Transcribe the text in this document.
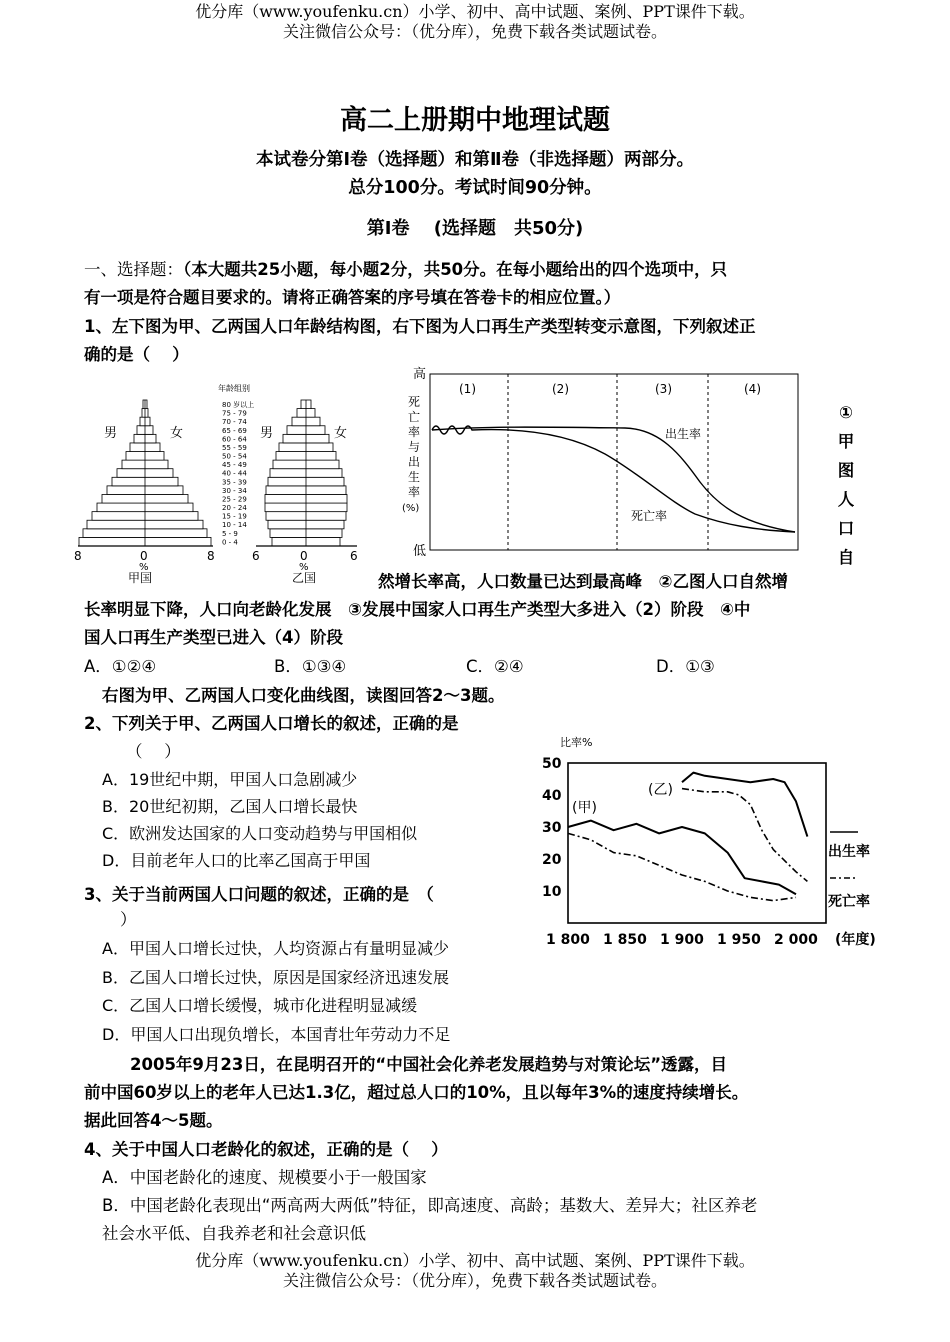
优分库（www.youfenku.cn）小学、初中、高中试题、案例、PPT课件下载。
关注微信公众号：（优分库），免费下载各类试题试卷。
高二上册期中地理试题
本试卷分第Ⅰ卷（选择题）和第Ⅱ卷（非选择题）两部分。
总分100分。考试时间90分钟。
第Ⅰ卷　 (选择题　共50分)
一、选择题：（本大题共25小题，每小题2分，共50分。在每小题给出的四个选项中，只
有一项是符合题目要求的。请将正确答案的序号填在答卷卡的相应位置。）
1、左下图为甲、乙两国人口年龄结构图，右下图为人口再生产类型转变示意图，下列叙述正
确的是（　 ）
80 岁以上
75 - 79
70 - 74
65 - 69
60 - 64
55 - 59
50 - 54
45 - 49
40 - 44
35 - 39
30 - 34
25 - 29
20 - 24
15 - 19
10 - 14
5 - 9
0 - 4
年龄组别
男	女	男	女
8	0	8
%
甲国
6	0	6
%
乙国
高
低
死
亡
率
与
出
生
率
(%)
(1)	(2)	(3)	(4)
出生率
死亡率
①
甲
图
人
口
自
然增长率高，人口数量已达到最高峰　②乙图人口自然增
长率明显下降，人口向老龄化发展　③发展中国家人口再生产类型大多进入（2）阶段　④中
国人口再生产类型已进入（4）阶段
A．①②④	B．①③④	C．②④	D．①③
右图为甲、乙两国人口变化曲线图，读图回答2～3题。
2、下列关于甲、乙两国人口增长的叙述，正确的是
（　 ）
A．19世纪中期，甲国人口急剧减少
B．20世纪初期，乙国人口增长最快
C．欧洲发达国家的人口变动趋势与甲国相似
D．目前老年人口的比率乙国高于甲国
3、关于当前两国人口问题的叙述，正确的是　（
）
A．甲国人口增长过快，人均资源占有量明显减少
B．乙国人口增长过快，原因是国家经济迅速发展
C．乙国人口增长缓慢，城市化进程明显减缓
D．甲国人口出现负增长，本国青壮年劳动力不足
比率%
50
40
30
20
10
1 800 1 850 1 900 1 950 2 000
(甲)
(乙)
出生率
死亡率
(年度)
2005年9月23日，在昆明召开的“中国社会化养老发展趋势与对策论坛”透露，目
前中国60岁以上的老年人已达1.3亿，超过总人口的10%，且以每年3%的速度持续增长。
据此回答4～5题。
4、关于中国人口老龄化的叙述，正确的是（　 ）
A．中国老龄化的速度、规模要小于一般国家
B．中国老龄化表现出“两高两大两低”特征，即高速度、高龄；基数大、差异大；社区养老
社会水平低、自我养老和社会意识低
优分库（www.youfenku.cn）小学、初中、高中试题、案例、PPT课件下载。
关注微信公众号：（优分库），免费下载各类试题试卷。
